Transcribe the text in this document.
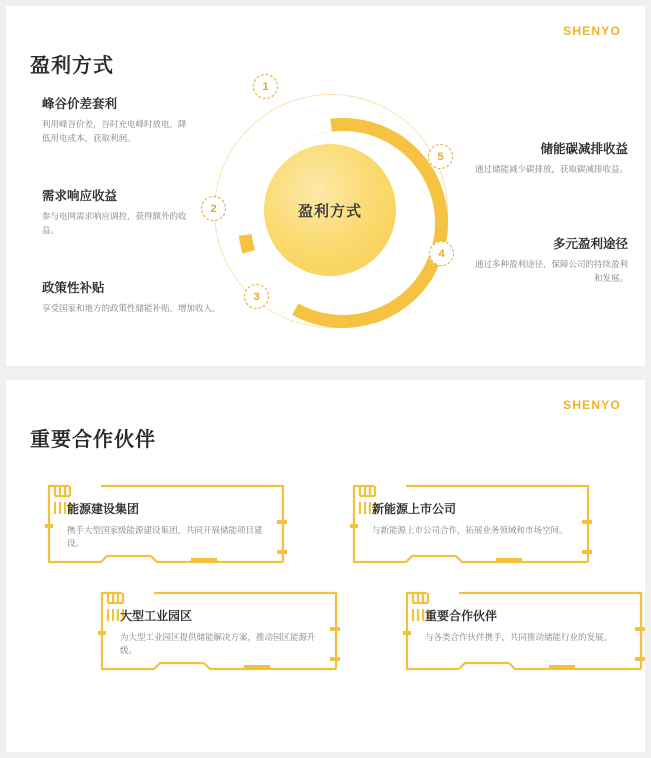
SHENYO
盈利方式
盈利方式
1
2
3
4
5
峰谷价差套利
利用峰谷价差，谷时充电峰时放电，降低用电成本，获取利润。
需求响应收益
参与电网需求响应调控，获得额外的收益。
政策性补贴
享受国家和地方的政策性储能补贴，增加收入。
储能碳减排收益
通过储能减少碳排放，获取碳减排收益。
多元盈利途径
通过多种盈利途径，保障公司的持续盈利和发展。
SHENYO
重要合作伙伴
能源建设集团
携手大型国家级能源建设集团，共同开展储能项目建设。
新能源上市公司
与新能源上市公司合作，拓展业务领域和市场空间。
大型工业园区
为大型工业园区提供储能解决方案，推动园区能源升级。
重要合作伙伴
与各类合作伙伴携手，共同推动储能行业的发展。
